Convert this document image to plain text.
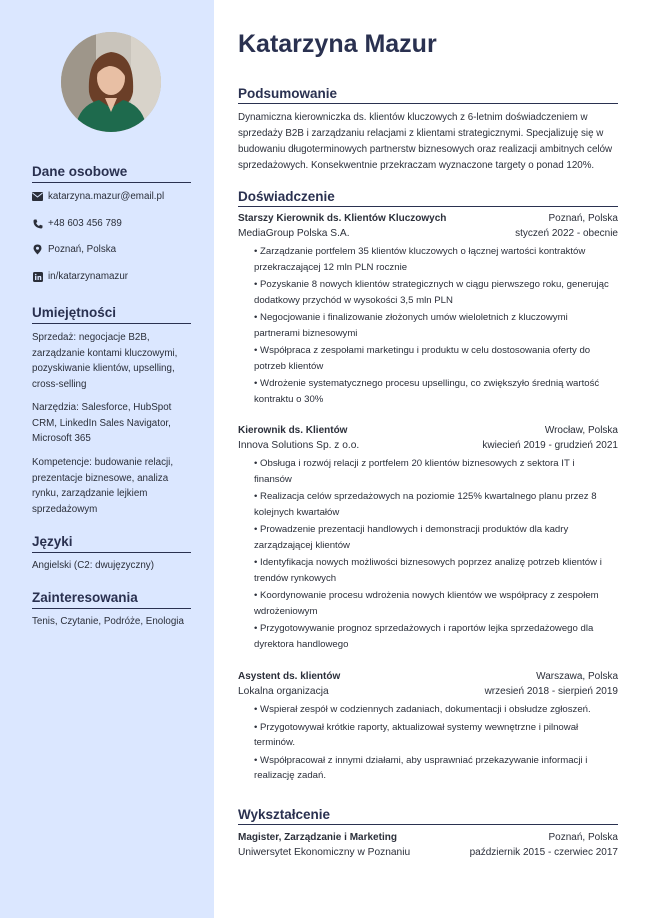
Dane osobowe
katarzyna.mazur@email.pl
+48 603 456 789
Poznań, Polska
in/katarzynamazur
Umiejętności
Sprzedaż: negocjacje B2B, zarządzanie kontami kluczowymi, pozyskiwanie klientów, upselling, cross-selling
Narzędzia: Salesforce, HubSpot CRM, LinkedIn Sales Navigator, Microsoft 365
Kompetencje: budowanie relacji, prezentacje biznesowe, analiza rynku, zarządzanie lejkiem sprzedażowym
Języki
Angielski (C2: dwujęzyczny)
Zainteresowania
Tenis, Czytanie, Podróże, Enologia
Katarzyna Mazur
Podsumowanie
Dynamiczna kierowniczka ds. klientów kluczowych z 6-letnim doświadczeniem w sprzedaży B2B i zarządzaniu relacjami z klientami strategicznymi. Specjalizuję się w budowaniu długoterminowych partnerstw biznesowych oraz realizacji ambitnych celów sprzedażowych. Konsekwentnie przekraczam wyznaczone targety o ponad 120%.
Doświadczenie
Starszy Kierownik ds. Klientów Kluczowych	Poznań, Polska
MediaGroup Polska S.A.	styczeń 2022 - obecnie
• Zarządzanie portfelem 35 klientów kluczowych o łącznej wartości kontraktów przekraczającej 12 mln PLN rocznie
• Pozyskanie 8 nowych klientów strategicznych w ciągu pierwszego roku, generując dodatkowy przychód w wysokości 3,5 mln PLN
• Negocjowanie i finalizowanie złożonych umów wieloletnich z kluczowymi partnerami biznesowymi
• Współpraca z zespołami marketingu i produktu w celu dostosowania oferty do potrzeb klientów
• Wdrożenie systematycznego procesu upsellingu, co zwiększyło średnią wartość kontraktu o 30%
Kierownik ds. Klientów	Wrocław, Polska
Innova Solutions Sp. z o.o.	kwiecień 2019 - grudzień 2021
• Obsługa i rozwój relacji z portfelem 20 klientów biznesowych z sektora IT i finansów
• Realizacja celów sprzedażowych na poziomie 125% kwartalnego planu przez 8 kolejnych kwartałów
• Prowadzenie prezentacji handlowych i demonstracji produktów dla kadry zarządzającej klientów
• Identyfikacja nowych możliwości biznesowych poprzez analizę potrzeb klientów i trendów rynkowych
• Koordynowanie procesu wdrożenia nowych klientów we współpracy z zespołem wdrożeniowym
• Przygotowywanie prognoz sprzedażowych i raportów lejka sprzedażowego dla dyrektora handlowego
Asystent ds. klientów	Warszawa, Polska
Lokalna organizacja	wrzesień 2018 - sierpień 2019
• Wspierał zespół w codziennych zadaniach, dokumentacji i obsłudze zgłoszeń.
• Przygotowywał krótkie raporty, aktualizował systemy wewnętrzne i pilnował terminów.
• Współpracował z innymi działami, aby usprawniać przekazywanie informacji i realizację zadań.
Wykształcenie
Magister, Zarządzanie i Marketing	Poznań, Polska
Uniwersytet Ekonomiczny w Poznaniu	październik 2015 - czerwiec 2017
